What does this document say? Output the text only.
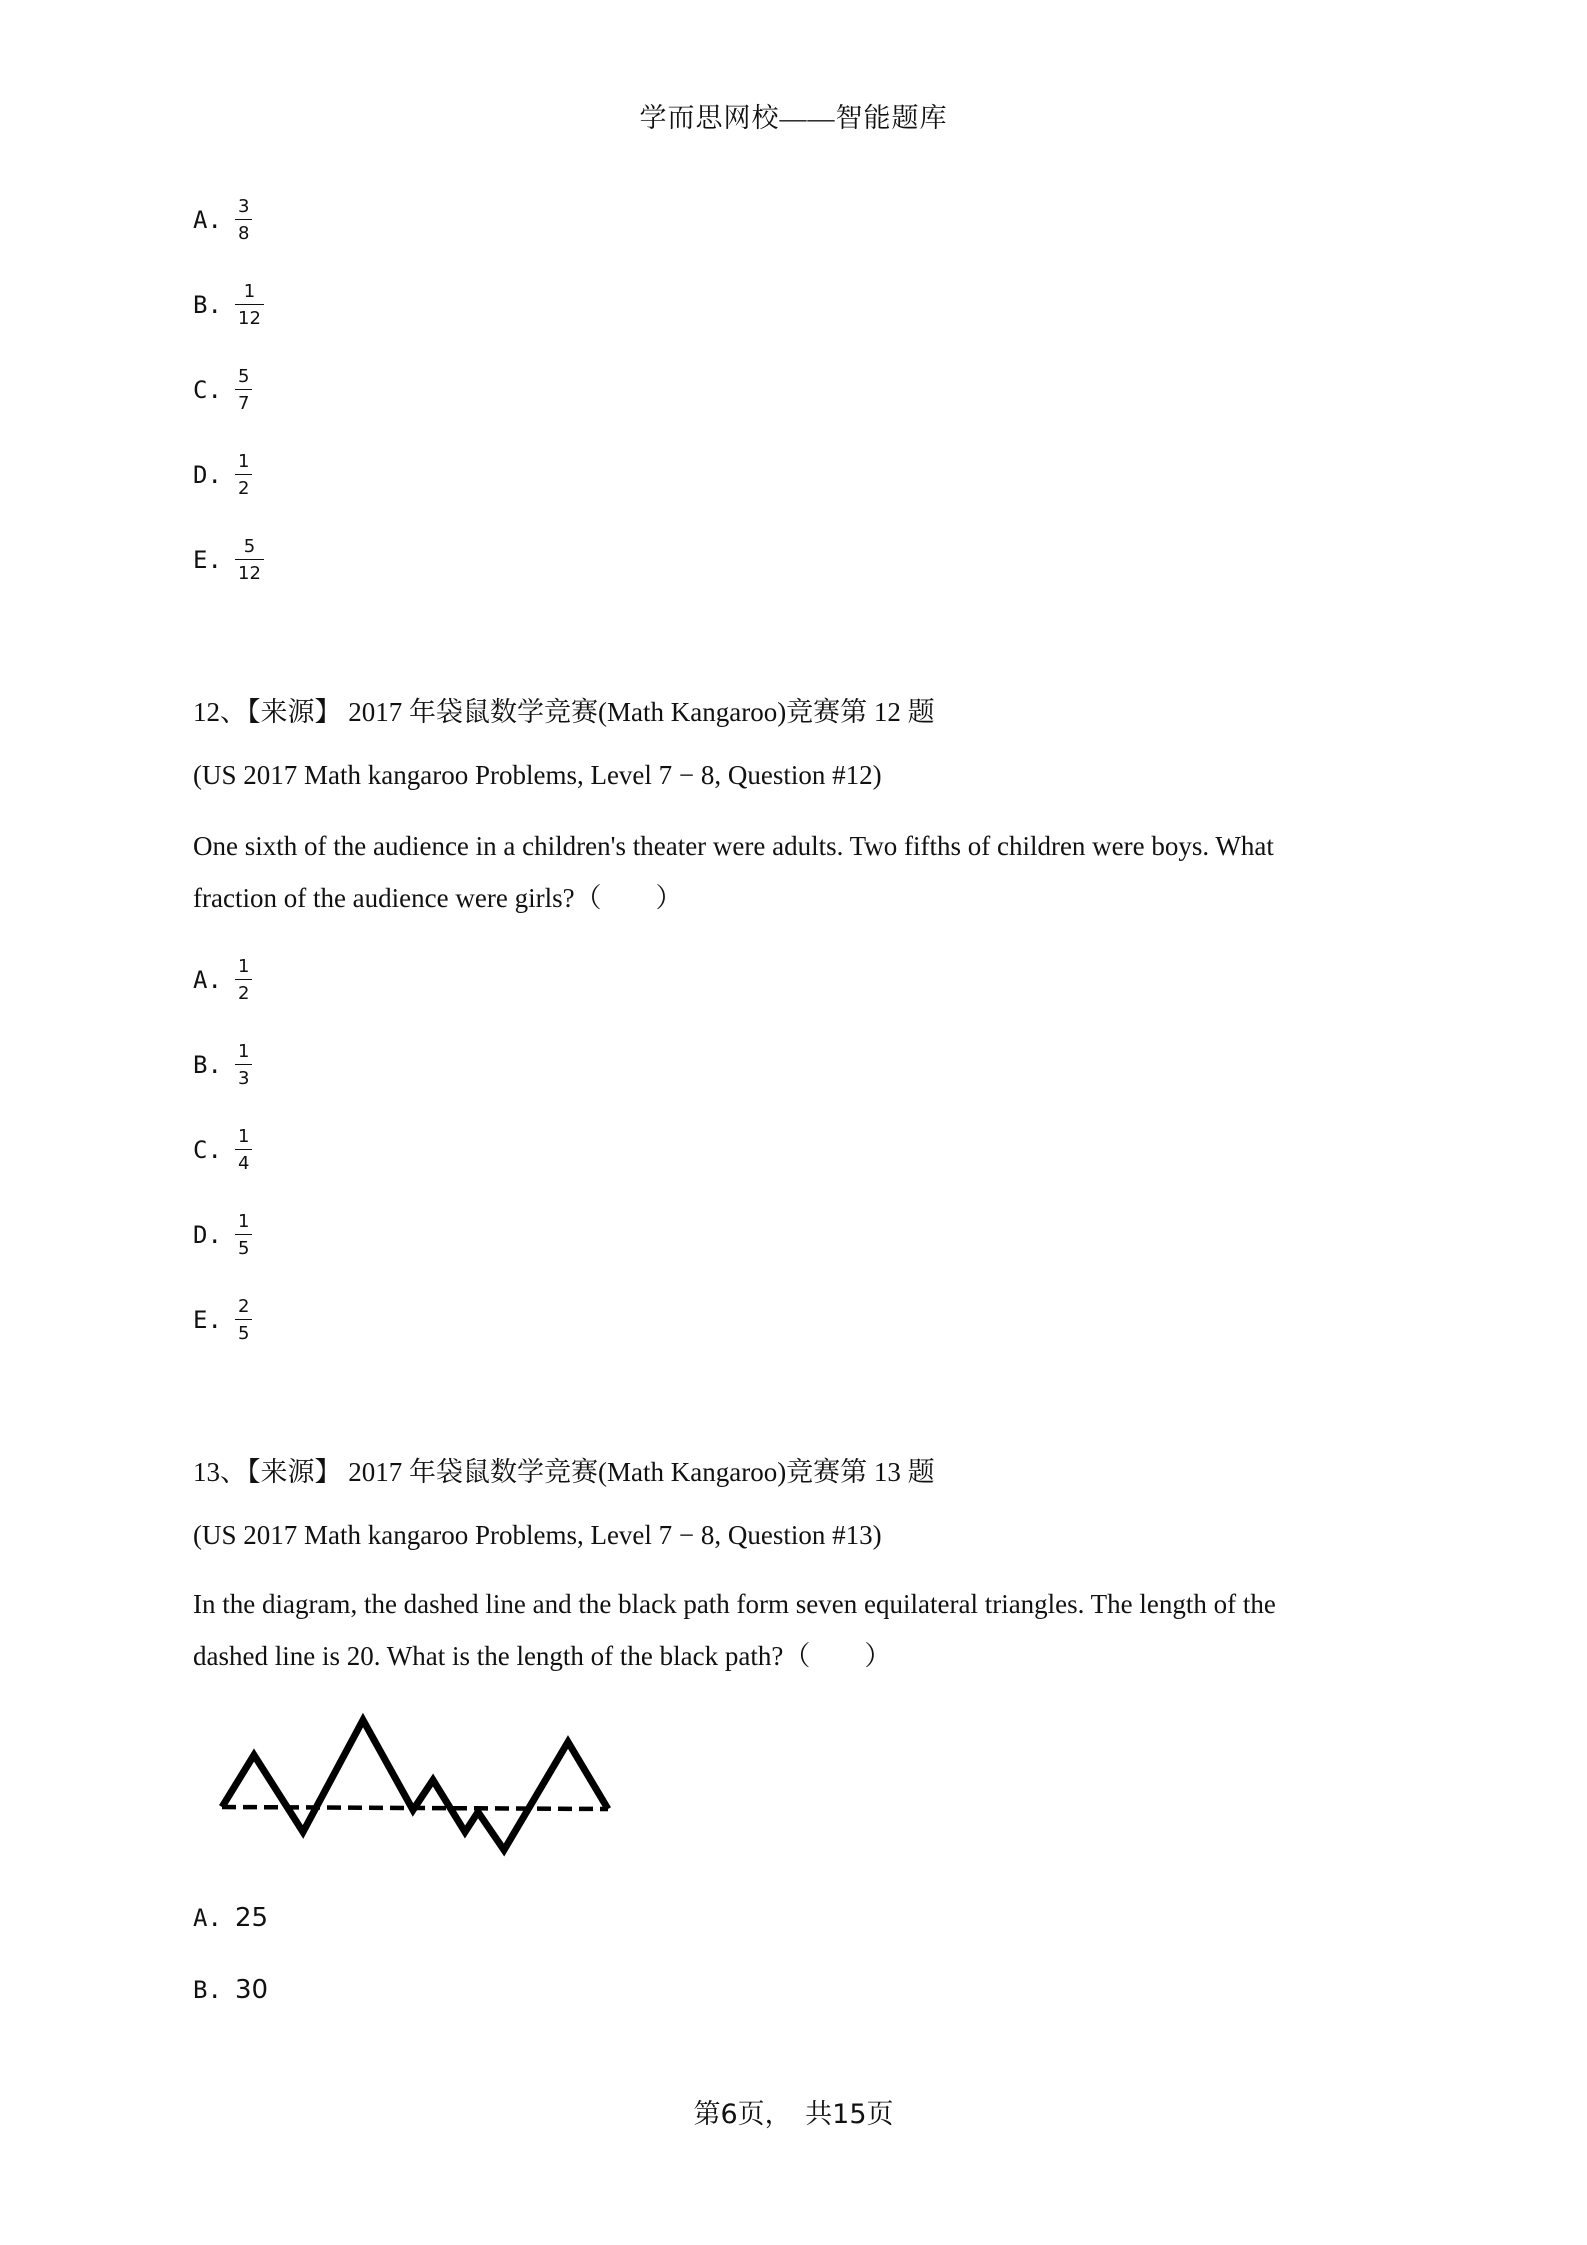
学而思网校——智能题库
A. $\frac{3}{8}$
B. $\frac{1}{12}$
C. $\frac{5}{7}$
D. $\frac{1}{2}$
E. $\frac{5}{12}$
12、【来源】 2017 年袋鼠数学竞赛(Math Kangaroo)竞赛第 12 题
(US 2017 Math kangaroo Problems, Level 7 − 8, Question #12)
One sixth of the audience in a children's theater were adults. Two fifths of children were boys. What fraction of the audience were girls?（　　）
A. $\frac{1}{2}$
B. $\frac{1}{3}$
C. $\frac{1}{4}$
D. $\frac{1}{5}$
E. $\frac{2}{5}$
13、【来源】 2017 年袋鼠数学竞赛(Math Kangaroo)竞赛第 13 题
(US 2017 Math kangaroo Problems, Level 7 − 8, Question #13)
In the diagram, the dashed line and the black path form seven equilateral triangles. The length of the dashed line is 20. What is the length of the black path?（　　）
A. 25
B. 30
第6页，　共15页
